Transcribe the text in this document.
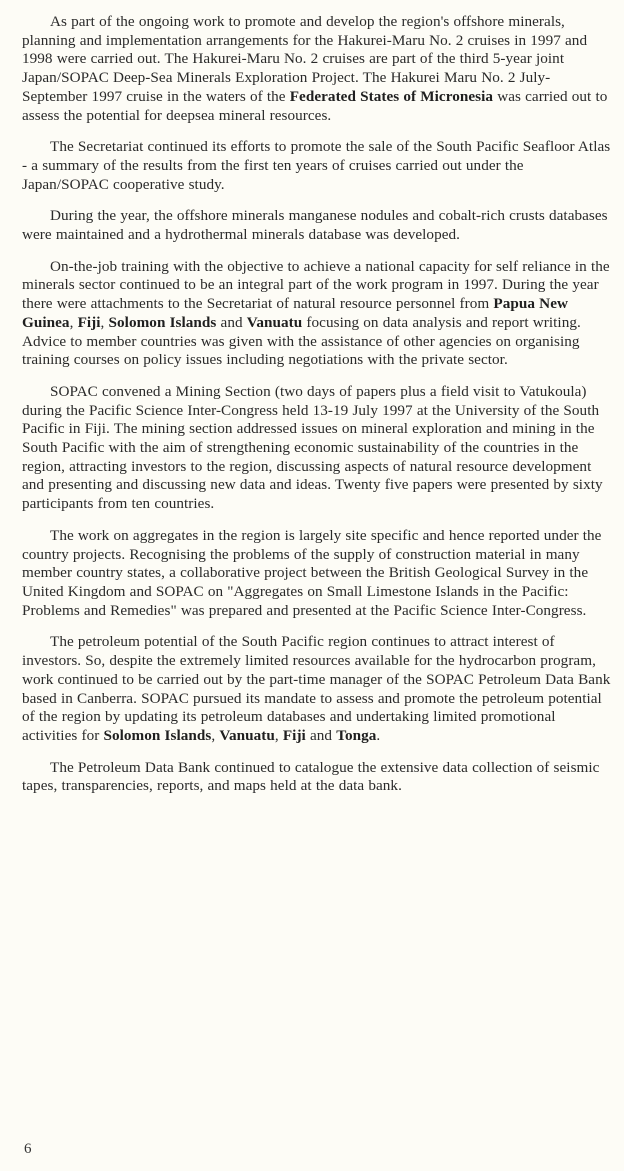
As part of the ongoing work to promote and develop the region's offshore minerals, planning and implementation arrangements for the Hakurei-Maru No. 2 cruises in 1997 and 1998 were carried out. The Hakurei-Maru No. 2 cruises are part of the third 5-year joint Japan/SOPAC Deep-Sea Minerals Exploration Project. The Hakurei Maru No. 2 July-September 1997 cruise in the waters of the Federated States of Micronesia was carried out to assess the potential for deepsea mineral resources.

The Secretariat continued its efforts to promote the sale of the South Pacific Seafloor Atlas - a summary of the results from the first ten years of cruises carried out under the Japan/SOPAC cooperative study.

During the year, the offshore minerals manganese nodules and cobalt-rich crusts databases were maintained and a hydrothermal minerals database was developed.

On-the-job training with the objective to achieve a national capacity for self reliance in the minerals sector continued to be an integral part of the work program in 1997. During the year there were attachments to the Secretariat of natural resource personnel from Papua New Guinea, Fiji, Solomon Islands and Vanuatu focusing on data analysis and report writing. Advice to member countries was given with the assistance of other agencies on organising training courses on policy issues including negotiations with the private sector.

SOPAC convened a Mining Section (two days of papers plus a field visit to Vatukoula) during the Pacific Science Inter-Congress held 13-19 July 1997 at the University of the South Pacific in Fiji. The mining section addressed issues on mineral exploration and mining in the South Pacific with the aim of strengthening economic sustainability of the countries in the region, attracting investors to the region, discussing aspects of natural resource development and presenting and discussing new data and ideas. Twenty five papers were presented by sixty participants from ten countries.

The work on aggregates in the region is largely site specific and hence reported under the country projects. Recognising the problems of the supply of construction material in many member country states, a collaborative project between the British Geological Survey in the United Kingdom and SOPAC on "Aggregates on Small Limestone Islands in the Pacific: Problems and Remedies" was prepared and presented at the Pacific Science Inter-Congress.

The petroleum potential of the South Pacific region continues to attract interest of investors. So, despite the extremely limited resources available for the hydrocarbon program, work continued to be carried out by the part-time manager of the SOPAC Petroleum Data Bank based in Canberra. SOPAC pursued its mandate to assess and promote the petroleum potential of the region by updating its petroleum databases and undertaking limited promotional activities for Solomon Islands, Vanuatu, Fiji and Tonga.

The Petroleum Data Bank continued to catalogue the extensive data collection of seismic tapes, transparencies, reports, and maps held at the data bank.

6
